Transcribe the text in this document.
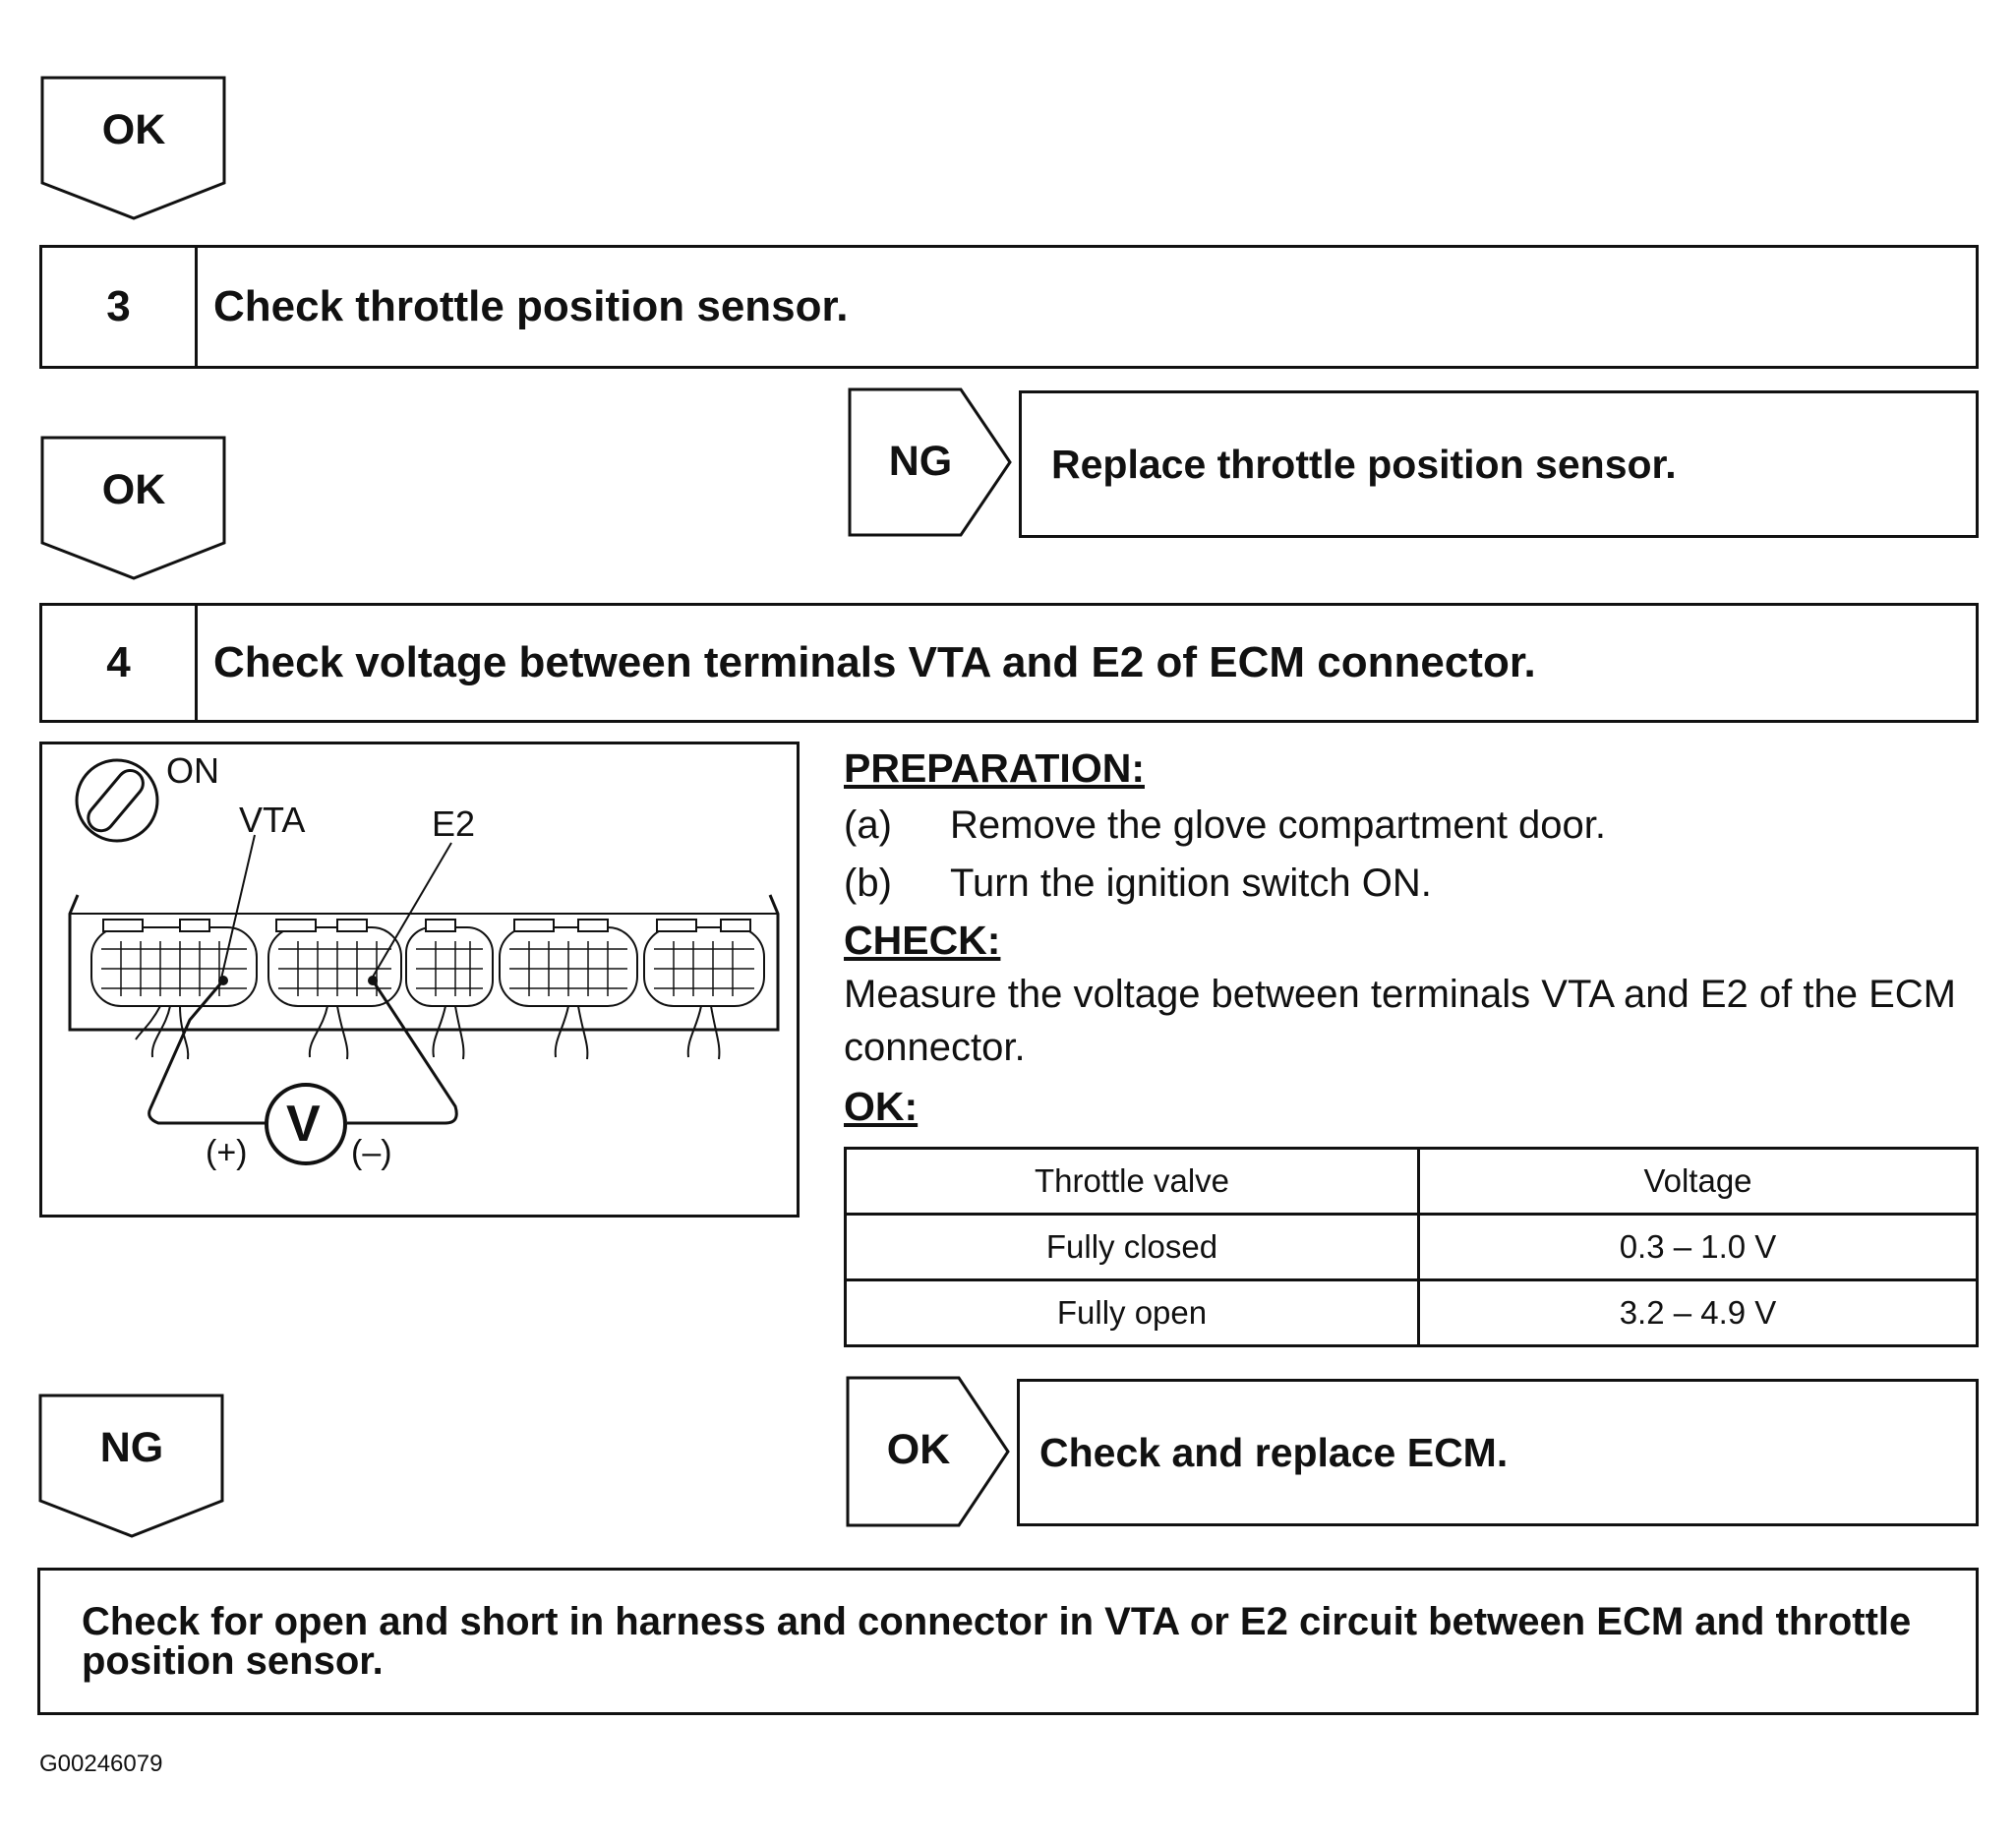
OK
3	Check throttle position sensor.
OK
NG	Replace throttle position sensor.
4	Check voltage between terminals VTA and E2 of ECM connector.
ON
VTA	E2
V
(+)	(–)
PREPARATION:
(a)	Remove the glove compartment door.
(b)	Turn the ignition switch ON.
CHECK:
Measure the voltage between terminals VTA and E2 of the ECM connector.
OK:
Throttle valve	Voltage
Fully closed	0.3 – 1.0 V
Fully open	3.2 – 4.9 V
NG	OK	Check and replace ECM.
Check for open and short in harness and connector in VTA or E2 circuit between ECM and throttle position sensor.
G00246079
